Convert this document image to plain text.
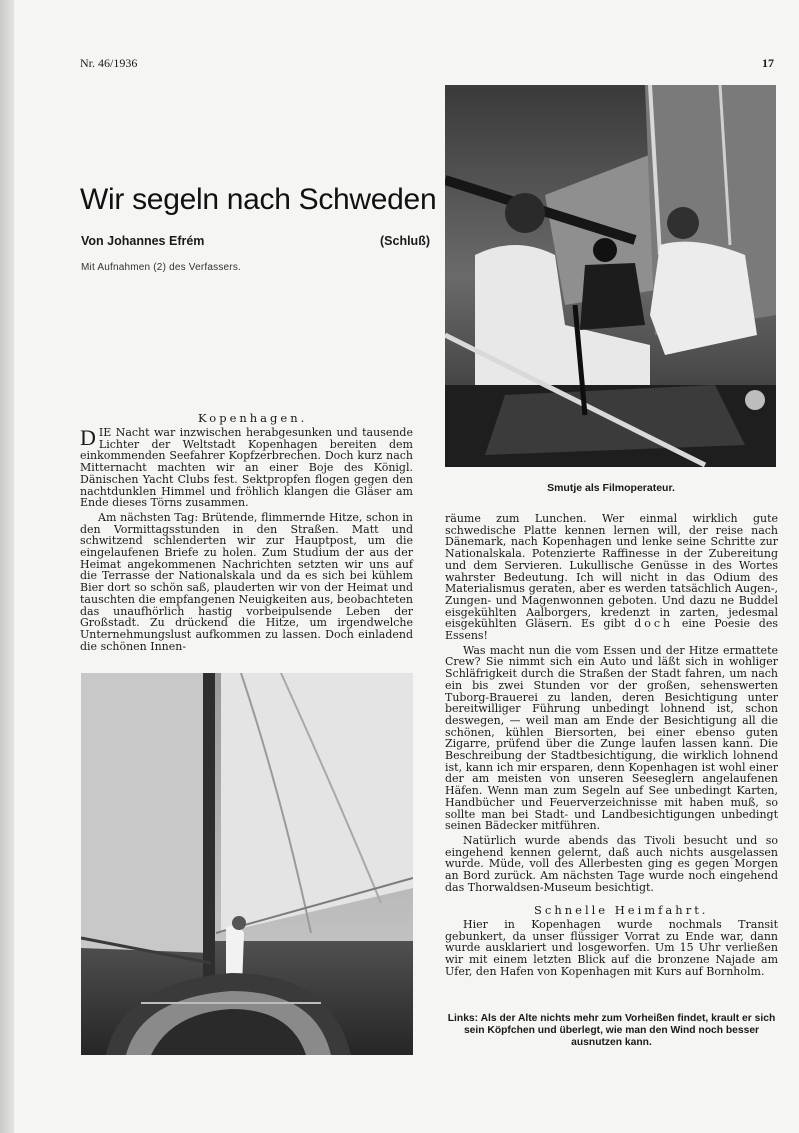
Nr. 46/1936	17
Wir segeln nach Schweden
Von Johannes Efrém	(Schluß)
Mit Aufnahmen (2) des Verfassers.
Kopenhagen.

DIE Nacht war inzwischen herabgesunken und tausende Lichter der Weltstadt Kopenhagen bereiten dem einkommenden Seefahrer Kopfzerbrechen. Doch kurz nach Mitternacht machten wir an einer Boje des Königl. Dänischen Yacht Clubs fest. Sektpropfen flogen gegen den nachtdunklen Himmel und fröhlich klangen die Gläser am Ende dieses Törns zusammen.

Am nächsten Tag: Brütende, flimmernde Hitze, schon in den Vormittagsstunden in den Straßen. Matt und schwitzend schlenderten wir zur Hauptpost, um die eingelaufenen Briefe zu holen. Zum Studium der aus der Heimat angekommenen Nachrichten setzten wir uns auf die Terrasse der Nationalskala und da es sich bei kühlem Bier dort so schön saß, plauderten wir von der Heimat und tauschten die empfangenen Neuigkeiten aus, beobachteten das unaufhörlich hastig vorbeipulsende Leben der Großstadt. Zu drückend die Hitze, um irgendwelche Unternehmungslust aufkommen zu lassen. Doch einladend die schönen Innen-

Smutje als Filmoperateur.

räume zum Lunchen. Wer einmal wirklich gute schwedische Platte kennen lernen will, der reise nach Dänemark, nach Kopenhagen und lenke seine Schritte zur Nationalskala. Potenzierte Raffinesse in der Zubereitung und dem Servieren. Lukullische Genüsse in des Wortes wahrster Bedeutung. Ich will nicht in das Odium des Materialismus geraten, aber es werden tatsächlich Augen-, Zungen- und Magenwonnen geboten. Und dazu ne Buddel eisgekühlten Aalborgers, kredenzt in zarten, jedesmal eisgekühlten Gläsern. Es gibt doch eine Poesie des Essens!

Was macht nun die vom Essen und der Hitze ermattete Crew? Sie nimmt sich ein Auto und läßt sich in wohliger Schläfrigkeit durch die Straßen der Stadt fahren, um nach ein bis zwei Stunden vor der großen, sehenswerten Tuborg-Brauerei zu landen, deren Besichtigung unter bereitwilliger Führung unbedingt lohnend ist, schon deswegen, — weil man am Ende der Besichtigung all die schönen, kühlen Biersorten, bei einer ebenso guten Zigarre, prüfend über die Zunge laufen lassen kann. Die Beschreibung der Stadtbesichtigung, die wirklich lohnend ist, kann ich mir ersparen, denn Kopenhagen ist wohl einer der am meisten von unseren Seeseglern angelaufenen Häfen. Wenn man zum Segeln auf See unbedingt Karten, Handbücher und Feuerverzeichnisse mit haben muß, so sollte man bei Stadt- und Landbesichtigungen unbedingt seinen Bädecker mitführen.

Natürlich wurde abends das Tivoli besucht und so eingehend kennen gelernt, daß auch nichts ausgelassen wurde. Müde, voll des Allerbesten ging es gegen Morgen an Bord zurück. Am nächsten Tage wurde noch eingehend das Thorwaldsen-Museum besichtigt.

Schnelle Heimfahrt.

Hier in Kopenhagen wurde nochmals Transit gebunkert, da unser flüssiger Vorrat zu Ende war, dann wurde ausklariert und losgeworfen. Um 15 Uhr verließen wir mit einem letzten Blick auf die bronzene Najade am Ufer, den Hafen von Kopenhagen mit Kurs auf Bornholm.

Links: Als der Alte nichts mehr zum Vorheißen findet, krault er sich sein Köpfchen und überlegt, wie man den Wind noch besser ausnutzen kann.
